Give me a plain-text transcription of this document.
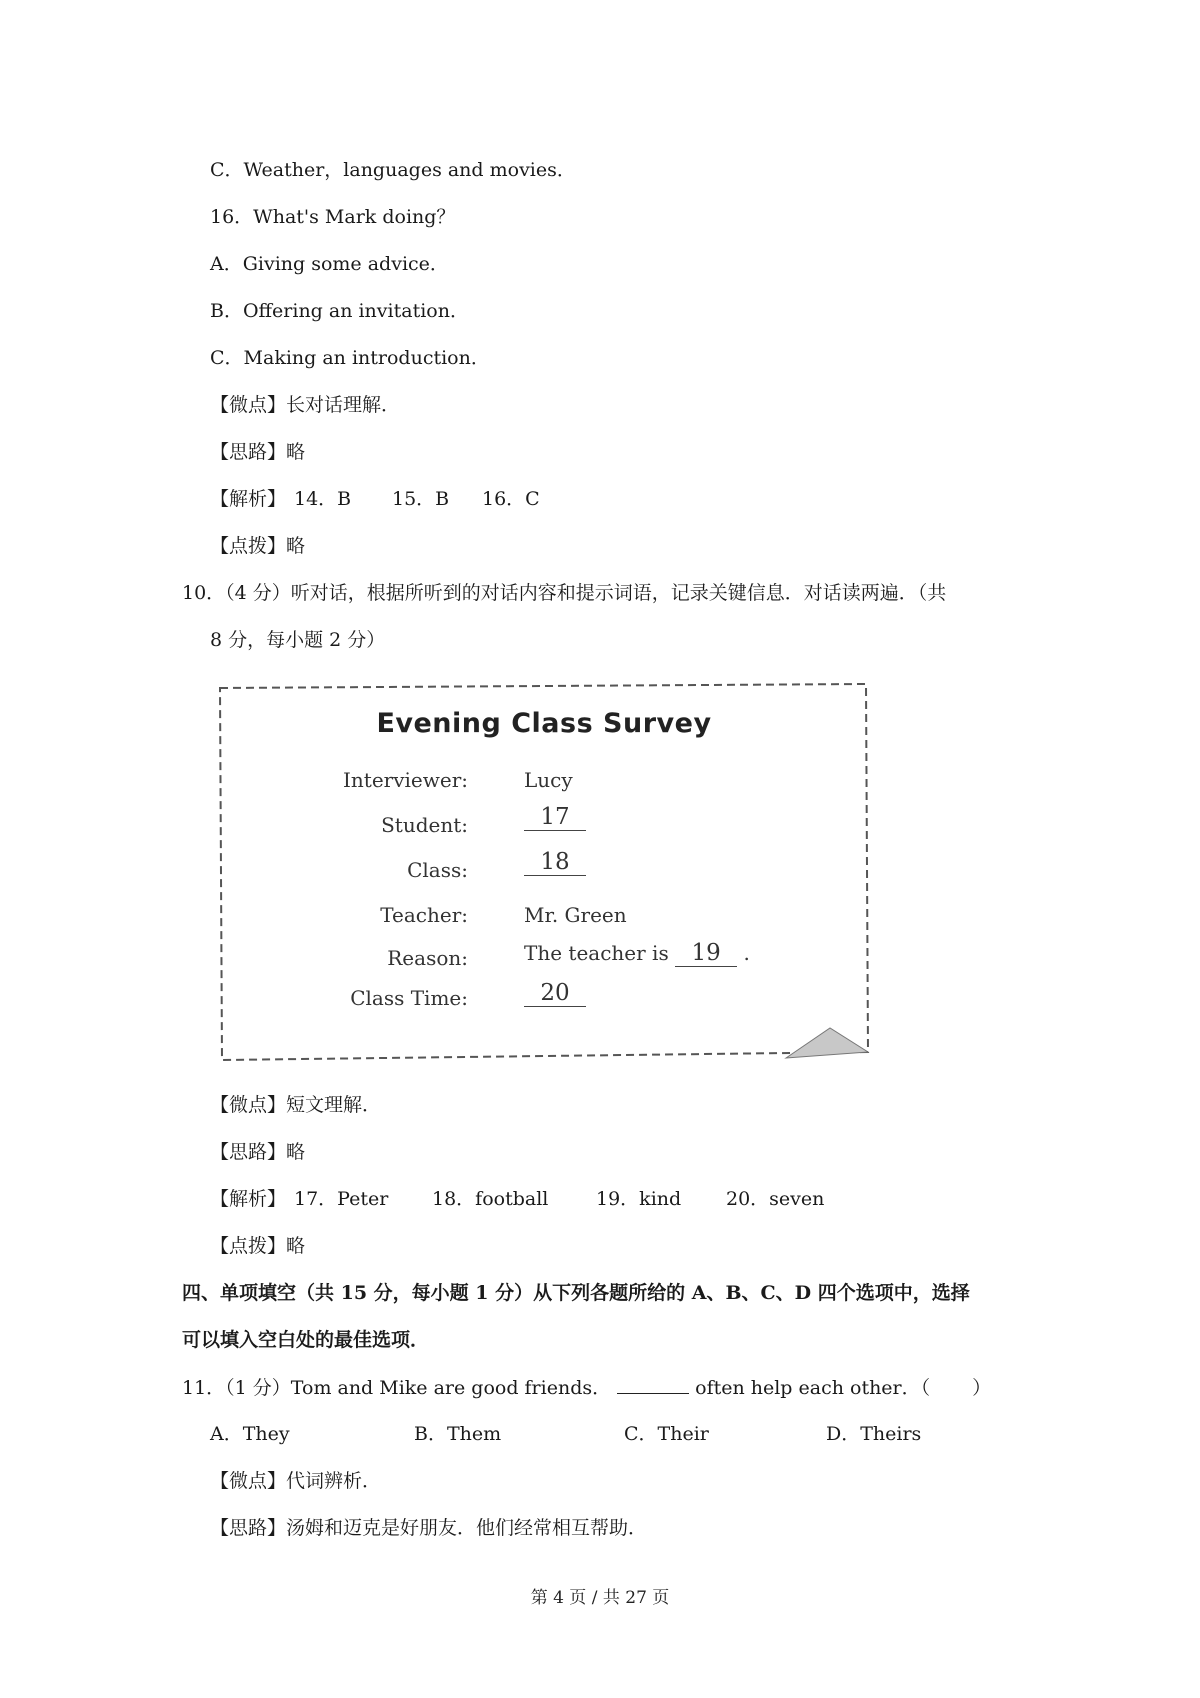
C．Weather，languages and movies．
16．What's Mark doing？
A．Giving some advice．
B．Offering an invitation．
C．Making an introduction．
【微点】长对话理解．
【思路】略
【解析】 14．B 15．B 16．C
【点拨】略
10．（4 分）听对话，根据所听到的对话内容和提示词语，记录关键信息．对话读两遍．（共
8 分，每小题 2 分）
Evening Class Survey
Interviewer:	Lucy
Student:	17
Class:	18
Teacher:	Mr. Green
Reason:	The teacher is 19 .
Class Time:	20
【微点】短文理解．
【思路】略
【解析】 17．Peter 18．football	19．kind 20．seven
【点拨】略
四、单项填空（共 15 分，每小题 1 分）从下列各题所给的 A、B、C、D 四个选项中，选择
可以填入空白处的最佳选项．
11．（1 分）Tom and Mike are good friends．	often help each other．（ ）
A．They	B．Them	C．Their	D．Theirs
【微点】代词辨析．
【思路】汤姆和迈克是好朋友．他们经常相互帮助．
第 4 页 / 共 27 页
